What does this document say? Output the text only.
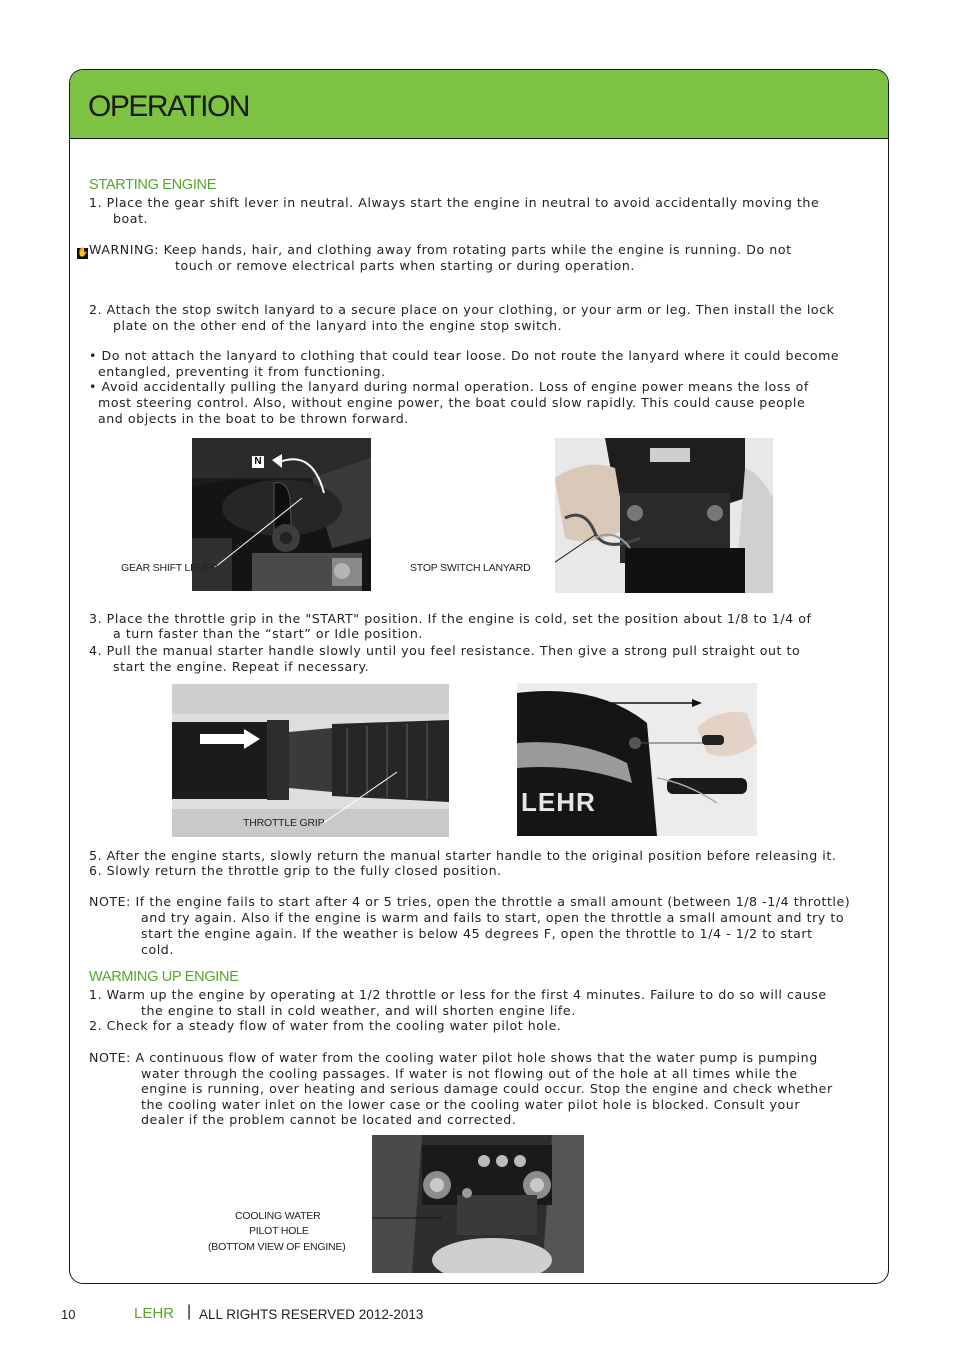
OPERATION
STARTING ENGINE
1. Place the gear shift lever in neutral. Always start the engine in neutral to avoid accidentally moving the
boat.
✋WARNING: Keep hands, hair, and clothing away from rotating parts while the engine is running. Do not
touch or remove electrical parts when starting or during operation.
2. Attach the stop switch lanyard to a secure place on your clothing, or your arm or leg. Then install the lock
plate on the other end of the lanyard into the engine stop switch.
• Do not attach the lanyard to clothing that could tear loose. Do not route the lanyard where it could become
entangled, preventing it from functioning.
• Avoid accidentally pulling the lanyard during normal operation. Loss of engine power means the loss of
most steering control. Also, without engine power, the boat could slow rapidly. This could cause people
and objects in the boat to be thrown forward.
N
GEAR SHIFT LEVER	STOP SWITCH LANYARD
3. Place the throttle grip in the "START" position. If the engine is cold, set the position about 1/8 to 1/4 of
a turn faster than the “start” or Idle position.
4. Pull the manual starter handle slowly until you feel resistance. Then give a strong pull straight out to
start the engine. Repeat if necessary.
THROTTLE GRIP
LEHR
5. After the engine starts, slowly return the manual starter handle to the original position before releasing it.
6. Slowly return the throttle grip to the fully closed position.
NOTE: If the engine fails to start after 4 or 5 tries, open the throttle a small amount (between 1/8 -1/4 throttle)
and try again. Also if the engine is warm and fails to start, open the throttle a small amount and try to
start the engine again. If the weather is below 45 degrees F, open the throttle to 1/4 - 1/2 to start
cold.
WARMING UP ENGINE
1. Warm up the engine by operating at 1/2 throttle or less for the first 4 minutes. Failure to do so will cause
the engine to stall in cold weather, and will shorten engine life.
2. Check for a steady flow of water from the cooling water pilot hole.
NOTE: A continuous flow of water from the cooling water pilot hole shows that the water pump is pumping
water through the cooling passages. If water is not flowing out of the hole at all times while the
engine is running, over heating and serious damage could occur. Stop the engine and check whether
the cooling water inlet on the lower case or the cooling water pilot hole is blocked. Consult your
dealer if the problem cannot be located and corrected.
COOLING WATER
PILOT HOLE
(BOTTOM VIEW OF ENGINE)
10	LEHR | ALL RIGHTS RESERVED 2012-2013
